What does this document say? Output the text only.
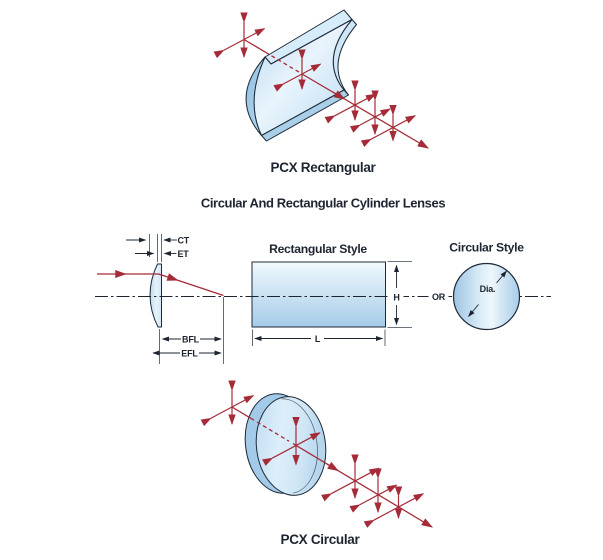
PCX Rectangular
Circular And Rectangular Cylinder Lenses
CT
ET
BFL
EFL
H
L
OR
Dia.
Rectangular Style	Circular Style
PCX Circular
